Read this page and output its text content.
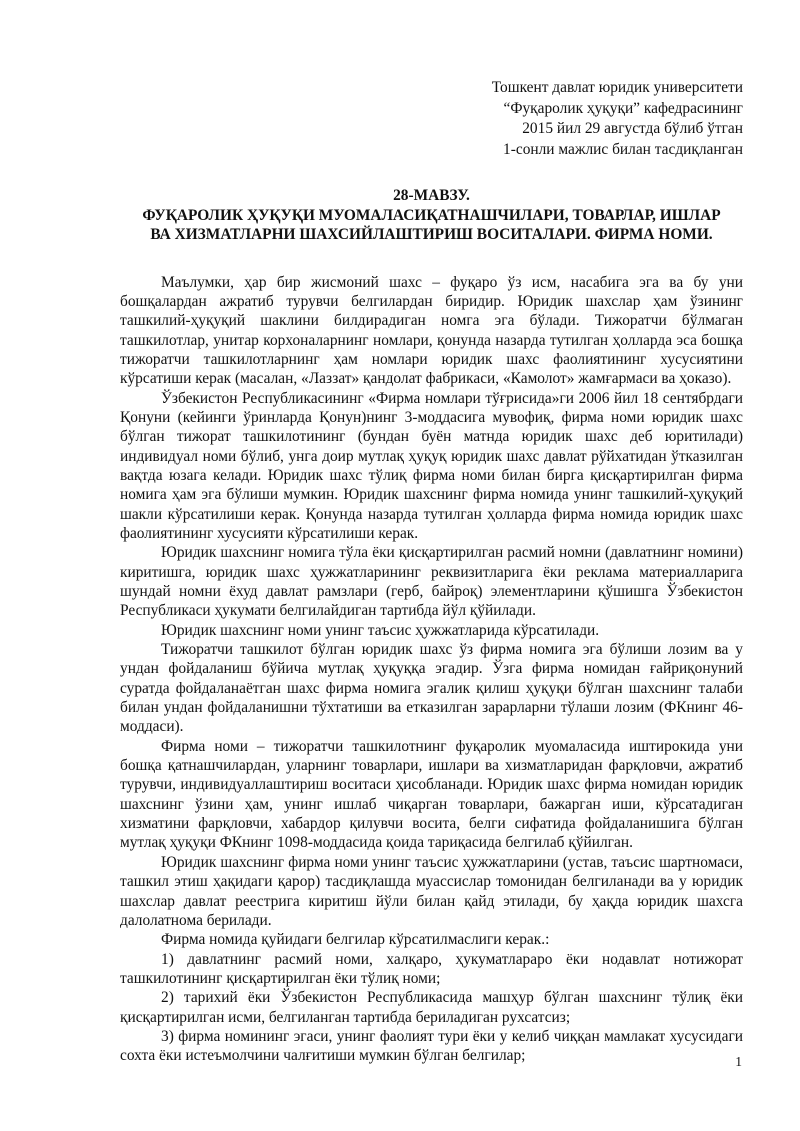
Тошкент давлат юридик университети
“Фуқаролик ҳуқуқи” кафедрасининг
2015 йил 29 августда бўлиб ўтган
1-сонли мажлис билан тасдиқланган
28-МАВЗУ.
ФУҚАРОЛИК ҲУҚУҚИ МУОМАЛАСИҚАТНАШЧИЛАРИ, ТОВАРЛАР, ИШЛАР
ВА ХИЗМАТЛАРНИ ШАХСИЙЛАШТИРИШ ВОСИТАЛАРИ. ФИРМА НОМИ.

Маълумки, ҳар бир жисмоний шахс – фуқаро ўз исм, насабига эга ва бу уни бошқалардан ажратиб турувчи белгилардан биридир. Юридик шахслар ҳам ўзининг ташкилий-ҳуқуқий шаклини билдирадиган номга эга бўлади. Тижоратчи бўлмаган ташкилотлар, унитар корхоналарнинг номлари, қонунда назарда тутилган ҳолларда эса бошқа тижоратчи ташкилотларнинг ҳам номлари юридик шахс фаолиятининг хусусиятини кўрсатиши керак (масалан, «Лаззат» қандолат фабрикаси, «Камолот» жамғармаси ва ҳоказо).

Ўзбекистон Республикасининг «Фирма номлари тўғрисида»ги 2006 йил 18 сентябрдаги Қонуни (кейинги ўринларда Қонун)нинг 3-моддасига мувофиқ, фирма номи юридик шахс бўлган тижорат ташкилотининг (бундан буён матнда юридик шахс деб юритилади) индивидуал номи бўлиб, унга доир мутлақ ҳуқуқ юридик шахс давлат рўйхатидан ўтказилган вақтда юзага келади. Юридик шахс тўлиқ фирма номи билан бирга қисқартирилган фирма номига ҳам эга бўлиши мумкин. Юридик шахснинг фирма номида унинг ташкилий-ҳуқуқий шакли кўрсатилиши керак. Қонунда назарда тутилган ҳолларда фирма номида юридик шахс фаолиятининг хусусияти кўрсатилиши керак.

Юридик шахснинг номига тўла ёки қисқартирилган расмий номни (давлатнинг номини) киритишга, юридик шахс ҳужжатларининг реквизитларига ёки реклама материалларига шундай номни ёхуд давлат рамзлари (герб, байроқ) элементларини қўшишга Ўзбекистон Республикаси ҳукумати белгилайдиган тартибда йўл қўйилади.

Юридик шахснинг номи унинг таъсис ҳужжатларида кўрсатилади.

Тижоратчи ташкилот бўлган юридик шахс ўз фирма номига эга бўлиши лозим ва у ундан фойдаланиш бўйича мутлақ ҳуқуққа эгадир. Ўзга фирма номидан ғайриқонуний суратда фойдаланаётган шахс фирма номига эгалик қилиш ҳуқуқи бўлган шахснинг талаби билан ундан фойдаланишни тўхтатиши ва етказилган зарарларни тўлаши лозим (ФКнинг 46-моддаси).

Фирма номи – тижоратчи ташкилотнинг фуқаролик муомаласида иштирокида уни бошқа қатнашчилардан, уларнинг товарлари, ишлари ва хизматларидан фарқловчи, ажратиб турувчи, индивидуаллаштириш воситаси ҳисобланади. Юридик шахс фирма номидан юридик шахснинг ўзини ҳам, унинг ишлаб чиқарган товарлари, бажарган иши, кўрсатадиган хизматини фарқловчи, хабардор қилувчи восита, белги сифатида фойдаланишига бўлган мутлақ ҳуқуқи ФКнинг 1098-моддасида қоида тариқасида белгилаб қўйилган.

Юридик шахснинг фирма номи унинг таъсис ҳужжатларини (устав, таъсис шартномаси, ташкил этиш ҳақидаги қарор) тасдиқлашда муассислар томонидан белгиланади ва у юридик шахслар давлат реестрига киритиш йўли билан қайд этилади, бу ҳақда юридик шахсга далолатнома берилади.

Фирма номида қуйидаги белгилар кўрсатилмаслиги керак.:

1) давлатнинг расмий номи, халқаро, ҳукуматлараро ёки нодавлат нотижорат ташкилотининг қисқартирилган ёки тўлиқ номи;

2) тарихий ёки Ўзбекистон Республикасида машҳур бўлган шахснинг тўлиқ ёки қисқартирилган исми, белгиланган тартибда бериладиган рухсатсиз;

3) фирма номининг эгаси, унинг фаолият тури ёки у келиб чиққан мамлакат хусусидаги сохта ёки истеъмолчини чалғитиши мумкин бўлган белгилар;	1
